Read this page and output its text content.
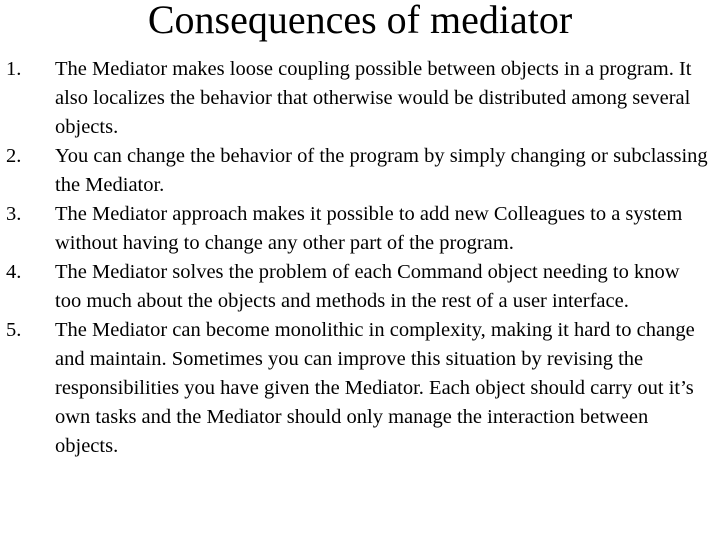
Consequences of mediator
1.	The Mediator makes loose coupling possible between objects in a program. It also localizes the behavior that otherwise would be distributed among several objects.
2.	You can change the behavior of the program by simply changing or subclassing the Mediator.
3.	The Mediator approach makes it possible to add new Colleagues to a system without having to change any other part of the program.
4.	The Mediator solves the problem of each Command object needing to know too much about the objects and methods in the rest of a user interface.
5.	The Mediator can become monolithic in complexity, making it hard to change and maintain. Sometimes you can improve this situation by revising the responsibilities you have given the Mediator. Each object should carry out it’s own tasks and the Mediator should only manage the interaction between objects.
